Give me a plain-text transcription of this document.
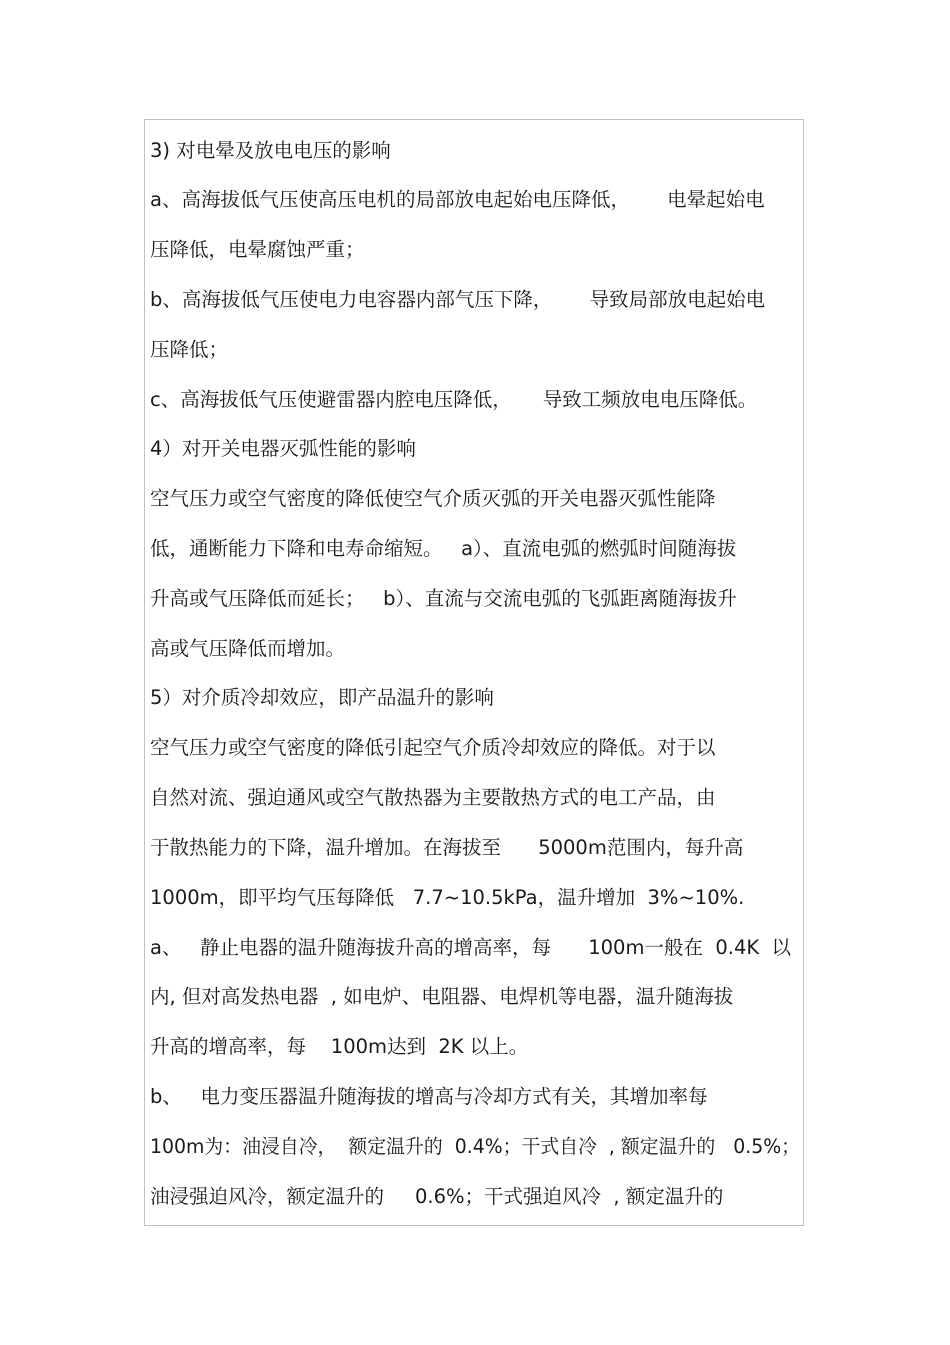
3) 对电晕及放电电压的影响
a、高海拔低气压使高压电机的局部放电起始电压降低，      电晕起始电
压降低，电晕腐蚀严重；
b、高海拔低气压使电力电容器内部气压下降，      导致局部放电起始电
压降低；
c、高海拔低气压使避雷器内腔电压降低，     导致工频放电电压降低。
4）对开关电器灭弧性能的影响
空气压力或空气密度的降低使空气介质灭弧的开关电器灭弧性能降
低，通断能力下降和电寿命缩短。   a）、直流电弧的燃弧时间随海拔
升高或气压降低而延长；   b）、直流与交流电弧的飞弧距离随海拔升
高或气压降低而增加。
5）对介质冷却效应，即产品温升的影响
空气压力或空气密度的降低引起空气介质冷却效应的降低。对于以
自然对流、强迫通风或空气散热器为主要散热方式的电工产品，由
于散热能力的下降，温升增加。在海拔至      5000m范围内，每升高
1000m，即平均气压每降低   7.7~10.5kPa，温升增加  3%~10%.
a、   静止电器的温升随海拔升高的增高率，每      100m一般在  0.4K  以
内, 但对高发热电器  , 如电炉、电阻器、电焊机等电器，温升随海拔
升高的增高率，每    100m达到  2K 以上。
b、   电力变压器温升随海拔的增高与冷却方式有关，其增加率每
100m为：油浸自冷，  额定温升的  0.4%；干式自冷  , 额定温升的   0.5%；
油浸强迫风冷，额定温升的     0.6%；干式强迫风冷  , 额定温升的
